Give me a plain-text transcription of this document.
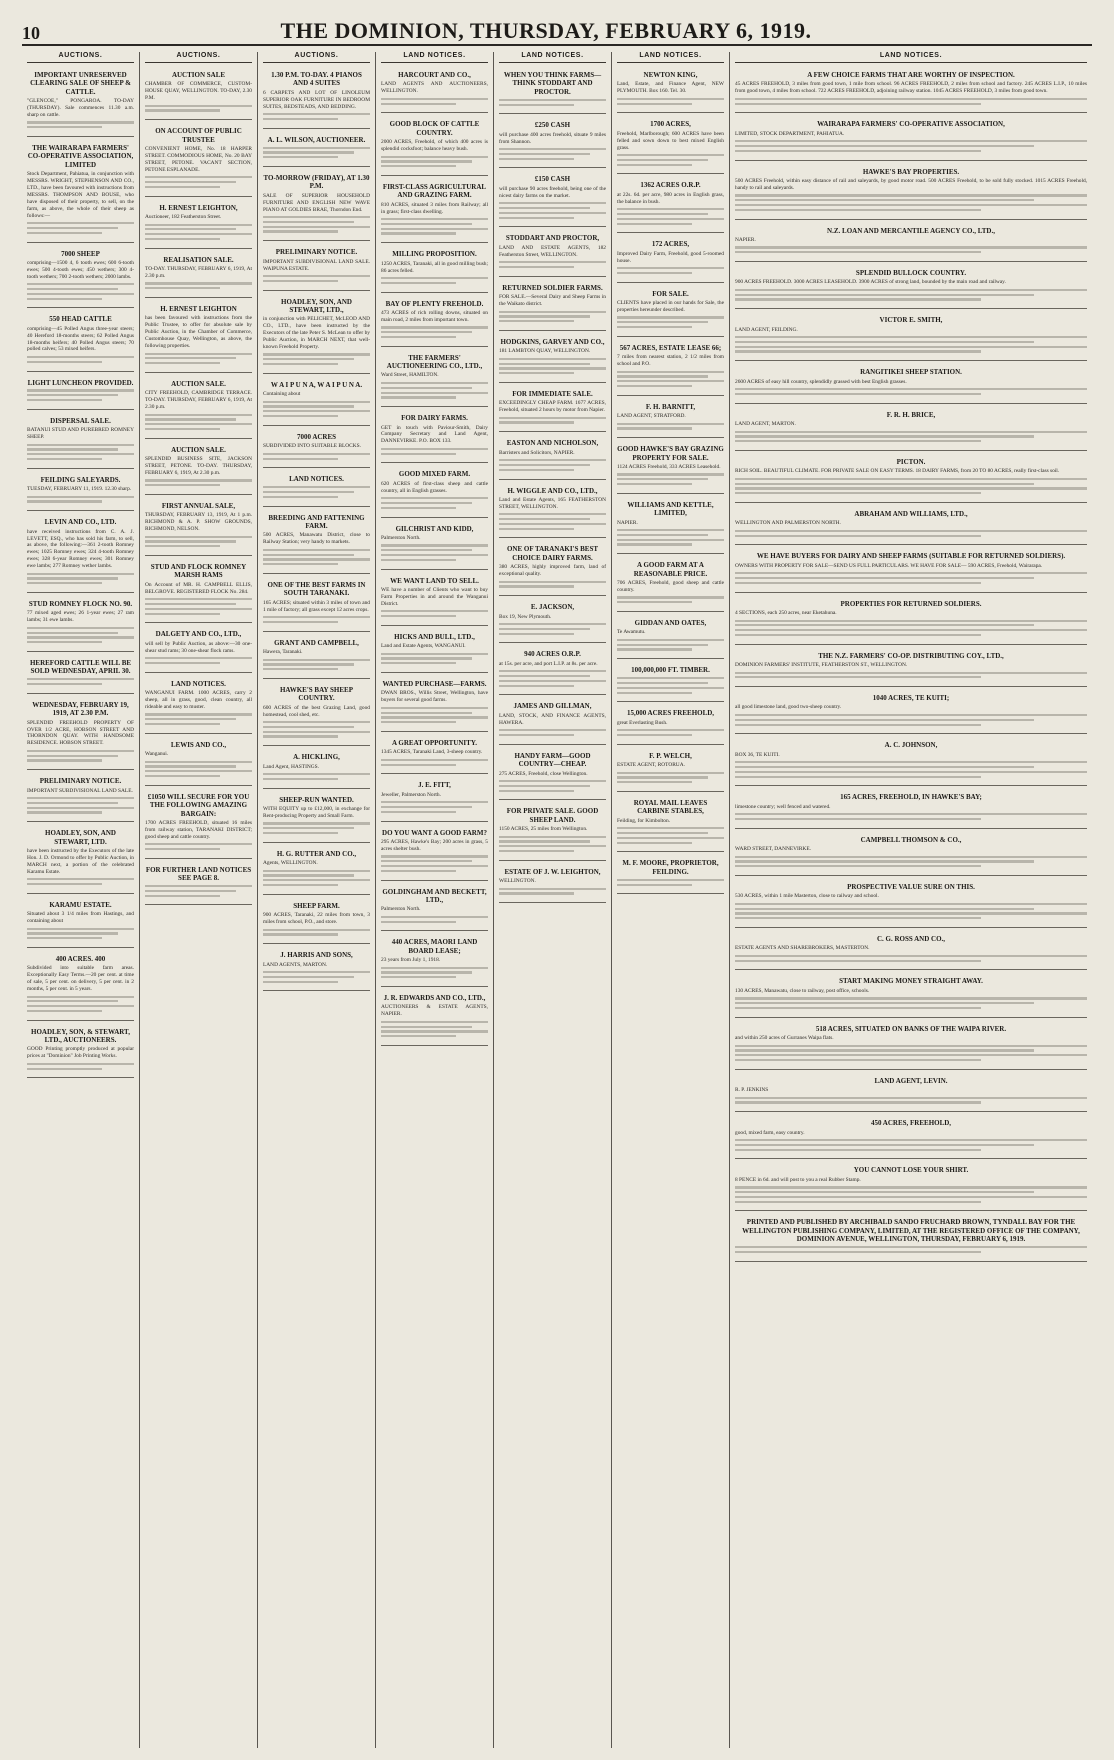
10	THE DOMINION, THURSDAY, FEBRUARY 6, 1919.
AUCTIONS.
IMPORTANT UNRESERVED CLEARING SALE OF SHEEP & CATTLE.
"GLENCOE," PONGAROA. TO-DAY (THURSDAY). Sale commences 11.30 a.m. sharp on cattle.
THE WAIRARAPA FARMERS' CO-OPERATIVE ASSOCIATION, LIMITED
Stock Department, Pahiatua, in conjunction with MESSRS. WRIGHT, STEPHENSON AND CO., LTD., have been favoured with instructions from MESSRS. THOMPSON AND BOUSE, who have disposed of their property, to sell, on the farm, as above, the whole of their sheep as follows:—
7000 SHEEP
comprising—1500 4, 6 tooth ewes; 600 6-tooth ewes; 500 4-tooth ewes; 450 wethers; 300 4-tooth wethers; 700 2-tooth wethers; 2000 lambs.
550 HEAD CATTLE
comprising—45 Polled Angus three-year steers; 40 Hereford 18-months steers; 62 Polled Angus 18-months heifers; 40 Polled Angus steers; 70 polled calves; 53 mixed heifers.
LIGHT LUNCHEON PROVIDED.
DISPERSAL SALE.
BATANUI STUD AND PUREBRED ROMNEY SHEEP.
FEILDING SALEYARDS.
TUESDAY, FEBRUARY 11, 1919. 12.30 sharp.
LEVIN AND CO., LTD.
have received instructions from C. A. J. LEVETT, ESQ., who has sold his farm, to sell, as above, the following:—361 2-tooth Romney ewes; 1025 Romney ewes; 324 4-tooth Romney ewes; 328 6-year Romney ewes; 301 Romney ewe lambs; 277 Romney wether lambs.
STUD ROMNEY FLOCK NO. 90.
77 mixed aged ewes; 26 1-year ewes; 27 ram lambs; 31 ewe lambs.
HEREFORD CATTLE WILL BE SOLD WEDNESDAY, APRIL 30.
WEDNESDAY, FEBRUARY 19, 1919, AT 2.30 P.M.
SPLENDID FREEHOLD PROPERTY OF OVER 1/2 ACRE, HOBSON STREET AND THORNDON QUAY. WITH HANDSOME RESIDENCE. HOBSON STREET.
PRELIMINARY NOTICE.
IMPORTANT SUBDIVISIONAL LAND SALE.
HOADLEY, SON, AND STEWART, LTD.
have been instructed by the Executors of the late Hon. J. D. Ormond to offer by Public Auction, in MARCH next, a portion of the celebrated Karamu Estate.
KARAMU ESTATE.
Situated about 3 1/4 miles from Hastings, and containing about
400 ACRES. 400
Subdivided into suitable farm areas. Exceptionally Easy Terms.—20 per cent. at time of sale, 5 per cent. on delivery, 5 per cent. in 2 months, 5 per cent. in 5 years.
HOADLEY, SON, & STEWART, LTD., AUCTIONEERS.
GOOD Printing promptly produced at popular prices at "Dominion" Job Printing Works.
AUCTIONS.
AUCTION SALE
CHAMBER OF COMMERCE, CUSTOM-HOUSE QUAY, WELLINGTON. TO-DAY, 2.30 P.M.
ON ACCOUNT OF PUBLIC TRUSTEE
CONVENIENT HOME, No. 18 HARPER STREET. COMMODIOUS HOME, No. 20 BAY STREET, PETONE. VACANT SECTION, PETONE ESPLANADE.
H. ERNEST LEIGHTON,
Auctioneer, 182 Featherston Street.
REALISATION SALE.
TO-DAY. THURSDAY, FEBRUARY 6, 1919, At 2.30 p.m.
H. ERNEST LEIGHTON
has been favoured with instructions from the Public Trustee, to offer for absolute sale by Public Auction, in the Chamber of Commerce, Customhouse Quay, Wellington, as above, the following properties.
AUCTION SALE.
CITY FREEHOLD, CAMBRIDGE TERRACE. TO-DAY. THURSDAY, FEBRUARY 6, 1919, At 2.30 p.m.
AUCTION SALE.
SPLENDID BUSINESS SITE, JACKSON STREET, PETONE. TO-DAY. THURSDAY, FEBRUARY 6, 1919, At 2.30 p.m.
FIRST ANNUAL SALE,
THURSDAY, FEBRUARY 13, 1919, At 1 p.m. RICHMOND & A. P. SHOW GROUNDS, RICHMOND, NELSON.
STUD AND FLOCK ROMNEY MARSH RAMS
On Account of MR. H. CAMPBELL ELLIS, BELGROVE. REGISTERED FLOCK No. 284.
DALGETY AND CO., LTD.,
will sell by Public Auction, as above:—30 one-shear stud rams; 30 one-shear flock rams.
LAND NOTICES.
WANGANUI FARM. 1000 ACRES, carry 2 sheep, all in grass, good, clean country, all rideable and easy to muster.
LEWIS AND CO.,
Wanganui.
£1050 WILL SECURE FOR YOU THE FOLLOWING AMAZING BARGAIN:
1700 ACRES FREEHOLD, situated 16 miles from railway station, TARANAKI DISTRICT; good sheep and cattle country.
FOR FURTHER LAND NOTICES SEE PAGE 8.
AUCTIONS.
1.30 P.M. TO-DAY. 4 PIANOS AND 4 SUITES
6 CARPETS AND LOT OF LINOLEUM SUPERIOR OAK FURNITURE IN BEDROOM SUITES, BEDSTEADS, AND BEDDING.
A. L. WILSON, AUCTIONEER.
TO-MORROW (FRIDAY), AT 1.30 P.M.
SALE OF SUPERIOR HOUSEHOLD FURNITURE AND ENGLISH NEW WAVE PIANO AT GOLDIES BRAE, Thorndon End.
PRELIMINARY NOTICE.
IMPORTANT SUBDIVISIONAL LAND SALE. WAIPUNA ESTATE.
HOADLEY, SON, AND STEWART, LTD.,
in conjunction with PELICHET, McLEOD AND CO., LTD., have been instructed by the Executors of the late Peter S. McLean to offer by Public Auction, in MARCH NEXT, that well-known Freehold Property.
W A I P U N A, W A I P U N A.
Containing about
7000 ACRES
SUBDIVIDED INTO SUITABLE BLOCKS.
LAND NOTICES.
BREEDING AND FATTENING FARM.
500 ACRES, Manawatu District, close to Railway Station; very handy to markets.
ONE OF THE BEST FARMS IN SOUTH TARANAKI.
165 ACRES; situated within 3 miles of town and 1 mile of factory; all grass except 12 acres crops.
GRANT AND CAMPBELL,
Hawera, Taranaki.
HAWKE'S BAY SHEEP COUNTRY.
600 ACRES of the best Grazing Land, good homestead, cool shed, etc.
A. HICKLING,
Land Agent, HASTINGS.
SHEEP-RUN WANTED.
WITH EQUITY up to £12,000, in exchange for Rent-producing Property and Small Farm.
H. G. RUTTER AND CO.,
Agents, WELLINGTON.
SHEEP FARM.
900 ACRES, Taranaki, 22 miles from town, 3 miles from school, P.O., and store.
J. HARRIS AND SONS,
LAND AGENTS, MARTON.
LAND NOTICES.
HARCOURT AND CO.,
LAND AGENTS AND AUCTIONEERS, WELLINGTON.
GOOD BLOCK OF CATTLE COUNTRY.
2000 ACRES, Freehold, of which 400 acres is splendid cocksfoot; balance heavy bush.
FIRST-CLASS AGRICULTURAL AND GRAZING FARM.
810 ACRES, situated 3 miles from Railway; all in grass; first-class dwelling.
MILLING PROPOSITION.
1250 ACRES, Taranaki, all in good milling bush; 86 acres felled.
BAY OF PLENTY FREEHOLD.
473 ACRES of rich rolling downs, situated on main road, 2 miles from important town.
THE FARMERS' AUCTIONEERING CO., LTD.,
Ward Street, HAMILTON.
FOR DAIRY FARMS.
GET in touch with Paviour-Smith, Dairy Company Secretary and Land Agent, DANNEVIRKE. P.O. BOX 133.
GOOD MIXED FARM.
620 ACRES of first-class sheep and cattle country, all in English grasses.
GILCHRIST AND KIDD,
Palmerston North.
WE WANT LAND TO SELL.
WE have a number of Clients who want to buy Farm Properties in and around the Wanganui District.
HICKS AND BULL, LTD.,
Land and Estate Agents, WANGANUI.
WANTED PURCHASE—FARMS.
DWAN BROS., Willis Street, Wellington, have buyers for several good farms.
A GREAT OPPORTUNITY.
1345 ACRES, Taranaki Land, 3-sheep country.
J. E. FITT,
Jeweller, Palmerston North.
DO YOU WANT A GOOD FARM?
295 ACRES, Hawke's Bay; 200 acres in grass, 5 acres shelter bush.
GOLDINGHAM AND BECKETT, LTD.,
Palmerston North.
440 ACRES, MAORI LAND BOARD LEASE;
23 years from July 1, 1918.
J. R. EDWARDS AND CO., LTD.,
AUCTIONEERS & ESTATE AGENTS, NAPIER.
LAND NOTICES.
WHEN YOU THINK FARMS—THINK STODDART AND PROCTOR.
£250 CASH
will purchase 400 acres freehold, situate 9 miles from Shannon.
£150 CASH
will purchase 90 acres freehold, being one of the nicest dairy farms on the market.
STODDART AND PROCTOR,
LAND AND ESTATE AGENTS, 182 Featherston Street, WELLINGTON.
RETURNED SOLDIER FARMS.
FOR SALE.—Several Dairy and Sheep Farms in the Waikato district.
HODGKINS, GARVEY AND CO.,
181 LAMBTON QUAY, WELLINGTON.
FOR IMMEDIATE SALE.
EXCEEDINGLY CHEAP FARM. 1677 ACRES, Freehold, situated 2 hours by motor from Napier.
EASTON AND NICHOLSON,
Barristers and Solicitors, NAPIER.
H. WIGGLE AND CO., LTD.,
Land and Estate Agents, 165 FEATHERSTON STREET, WELLINGTON.
ONE OF TARANAKI'S BEST CHOICE DAIRY FARMS.
380 ACRES, highly improved farm, land of exceptional quality.
E. JACKSON,
Box 19, New Plymouth.
940 ACRES O.R.P.
at 15s. per acre, and port L.I.P. at 8s. per acre.
JAMES AND GILLMAN,
LAND, STOCK, AND FINANCE AGENTS, HAWERA.
HANDY FARM—GOOD COUNTRY—CHEAP.
275 ACRES, Freehold, close Wellington.
FOR PRIVATE SALE. GOOD SHEEP LAND.
1150 ACRES, 25 miles from Wellington.
ESTATE OF J. W. LEIGHTON,
WELLINGTON.
LAND NOTICES.
NEWTON KING,
Land, Estate, and Finance Agent, NEW PLYMOUTH. Box 160. Tel. 30.
1700 ACRES,
Freehold, Marlborough; 600 ACRES have been felled and sown down to best mixed English grass.
1362 ACRES O.R.P.
at 22s. 6d. per acre, 980 acres in English grass, the balance in bush.
172 ACRES,
Improved Dairy Farm, Freehold, good 5-roomed house.
FOR SALE.
CLIENTS have placed in our hands for Sale, the properties hereunder described.
567 ACRES, ESTATE LEASE 66;
7 miles from nearest station, 2 1/2 miles from school and P.O.
F. H. BARNITT,
LAND AGENT, STRATFORD.
GOOD HAWKE'S BAY GRAZING PROPERTY FOR SALE.
1124 ACRES Freehold, 333 ACRES Leasehold.
WILLIAMS AND KETTLE, LIMITED,
NAPIER.
A GOOD FARM AT A REASONABLE PRICE.
706 ACRES, Freehold, good sheep and cattle country.
GIDDAN AND OATES,
Te Awamutu.
100,000,000 FT. TIMBER.
15,000 ACRES FREEHOLD,
great Everlasting Bush.
F. P. WELCH,
ESTATE AGENT, ROTORUA.
ROYAL MAIL LEAVES CARBINE STABLES,
Feilding, for Kimbolton.
M. F. MOORE, PROPRIETOR, FEILDING.
LAND NOTICES.
A FEW CHOICE FARMS THAT ARE WORTHY OF INSPECTION.
45 ACRES FREEHOLD, 3 miles from good town, 1 mile from school. 96 ACRES FREEHOLD, 2 miles from school and factory. 245 ACRES L.I.P., 10 miles from good town, 4 miles from school. 722 ACRES FREEHOLD, adjoining railway station. 1045 ACRES FREEHOLD, 3 miles from good town.
WAIRARAPA FARMERS' CO-OPERATIVE ASSOCIATION,
LIMITED, STOCK DEPARTMENT, PAHIATUA.
HAWKE'S BAY PROPERTIES.
500 ACRES Freehold, within easy distance of rail and saleyards, by good motor road. 500 ACRES Freehold, to be sold fully stocked. 1015 ACRES Freehold, handy to rail and saleyards.
N.Z. LOAN AND MERCANTILE AGENCY CO., LTD.,
NAPIER.
SPLENDID BULLOCK COUNTRY.
900 ACRES FREEHOLD. 3000 ACRES LEASEHOLD. 3900 ACRES of strong land, bounded by the main road and railway.
VICTOR E. SMITH,
LAND AGENT, FEILDING.
RANGITIKEI SHEEP STATION.
2600 ACRES of easy hill country, splendidly grassed with best English grasses.
F. R. H. BRICE,
LAND AGENT, MARTON.
PICTON.
RICH SOIL. BEAUTIFUL CLIMATE. FOR PRIVATE SALE ON EASY TERMS. 18 DAIRY FARMS, from 20 TO 80 ACRES, really first-class soil.
ABRAHAM AND WILLIAMS, LTD.,
WELLINGTON AND PALMERSTON NORTH.
WE HAVE BUYERS FOR DAIRY AND SHEEP FARMS (SUITABLE FOR RETURNED SOLDIERS).
OWNERS WITH PROPERTY FOR SALE—SEND US FULL PARTICULARS. WE HAVE FOR SALE— 590 ACRES, Freehold, Wairarapa.
PROPERTIES FOR RETURNED SOLDIERS.
4 SECTIONS, each 250 acres, near Eketahuna.
THE N.Z. FARMERS' CO-OP. DISTRIBUTING COY., LTD.,
DOMINION FARMERS' INSTITUTE, FEATHERSTON ST., WELLINGTON.
1040 ACRES, TE KUITI;
all good limestone land, good two-sheep country.
A. C. JOHNSON,
BOX 36, TE KUITI.
165 ACRES, FREEHOLD, IN HAWKE'S BAY;
limestone country; well fenced and watered.
CAMPBELL THOMSON & CO.,
WARD STREET, DANNEVIRKE.
PROSPECTIVE VALUE SURE ON THIS.
530 ACRES, within 1 mile Masterton, close to railway and school.
C. G. ROSS AND CO.,
ESTATE AGENTS AND SHAREBROKERS, MASTERTON.
START MAKING MONEY STRAIGHT AWAY.
130 ACRES, Manawatu, close to railway, post office, schools.
518 ACRES, SITUATED ON BANKS OF THE WAIPA RIVER.
and within 250 acres of Gurranes Waipa flats.
LAND AGENT, LEVIN.
R. P. JENKINS
450 ACRES, FREEHOLD,
good, mixed farm, easy country.
YOU CANNOT LOSE YOUR SHIRT.
8 PENCE in 6d. and will post to you a real Rubber Stamp.
PRINTED AND PUBLISHED BY ARCHIBALD SANDO FRUCHARD BROWN, TYNDALL BAY FOR THE WELLINGTON PUBLISHING COMPANY, LIMITED, AT THE REGISTERED OFFICE OF THE COMPANY, DOMINION AVENUE, WELLINGTON, THURSDAY, FEBRUARY 6, 1919.
